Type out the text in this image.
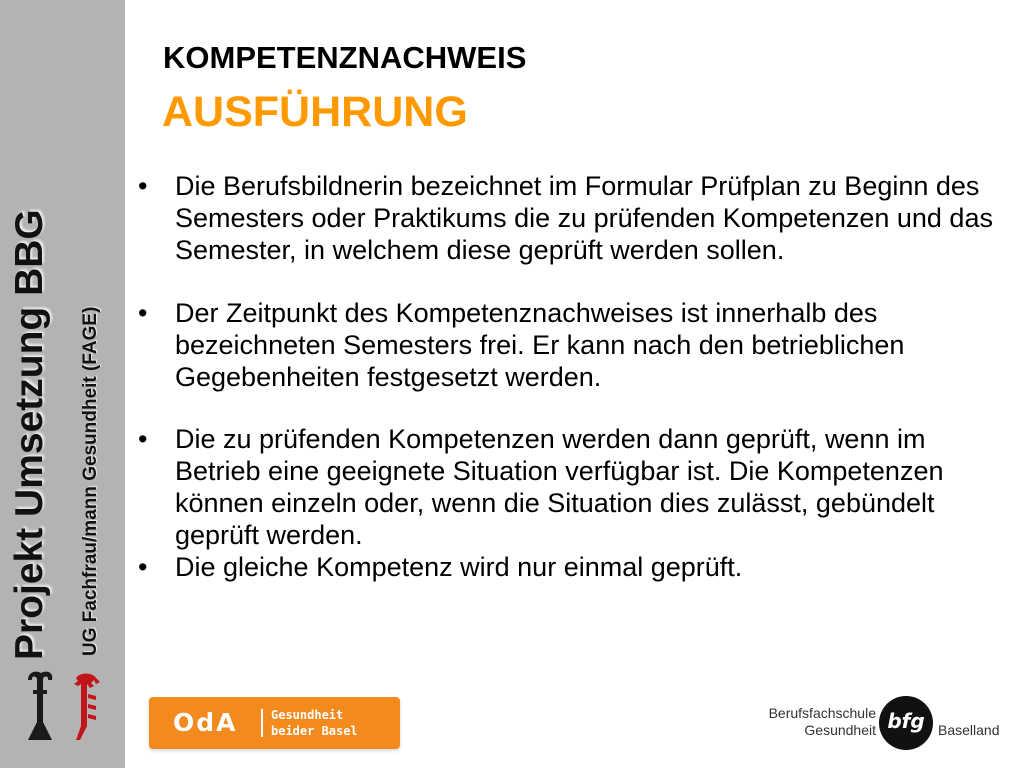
Projekt Umsetzung BBG UG Fachfrau/mann Gesundheit (FAGE)
KOMPETENZNACHWEIS
AUSFÜHRUNG
• Die Berufsbildnerin bezeichnet im Formular Prüfplan zu Beginn des Semesters oder Praktikums die zu prüfenden Kompetenzen und das Semester, in welchem diese geprüft werden sollen.
• Der Zeitpunkt des Kompetenznachweises ist innerhalb des bezeichneten Semesters frei. Er kann nach den betrieblichen Gegebenheiten festgesetzt werden.
• Die zu prüfenden Kompetenzen werden dann geprüft, wenn im Betrieb eine geeignete Situation verfügbar ist. Die Kompetenzen können einzeln oder, wenn die Situation dies zulässt, gebündelt geprüft werden.
• Die gleiche Kompetenz wird nur einmal geprüft.
OdA	Gesundheit
beider Basel
Berufsfachschule
Gesundheit bfg Baselland
